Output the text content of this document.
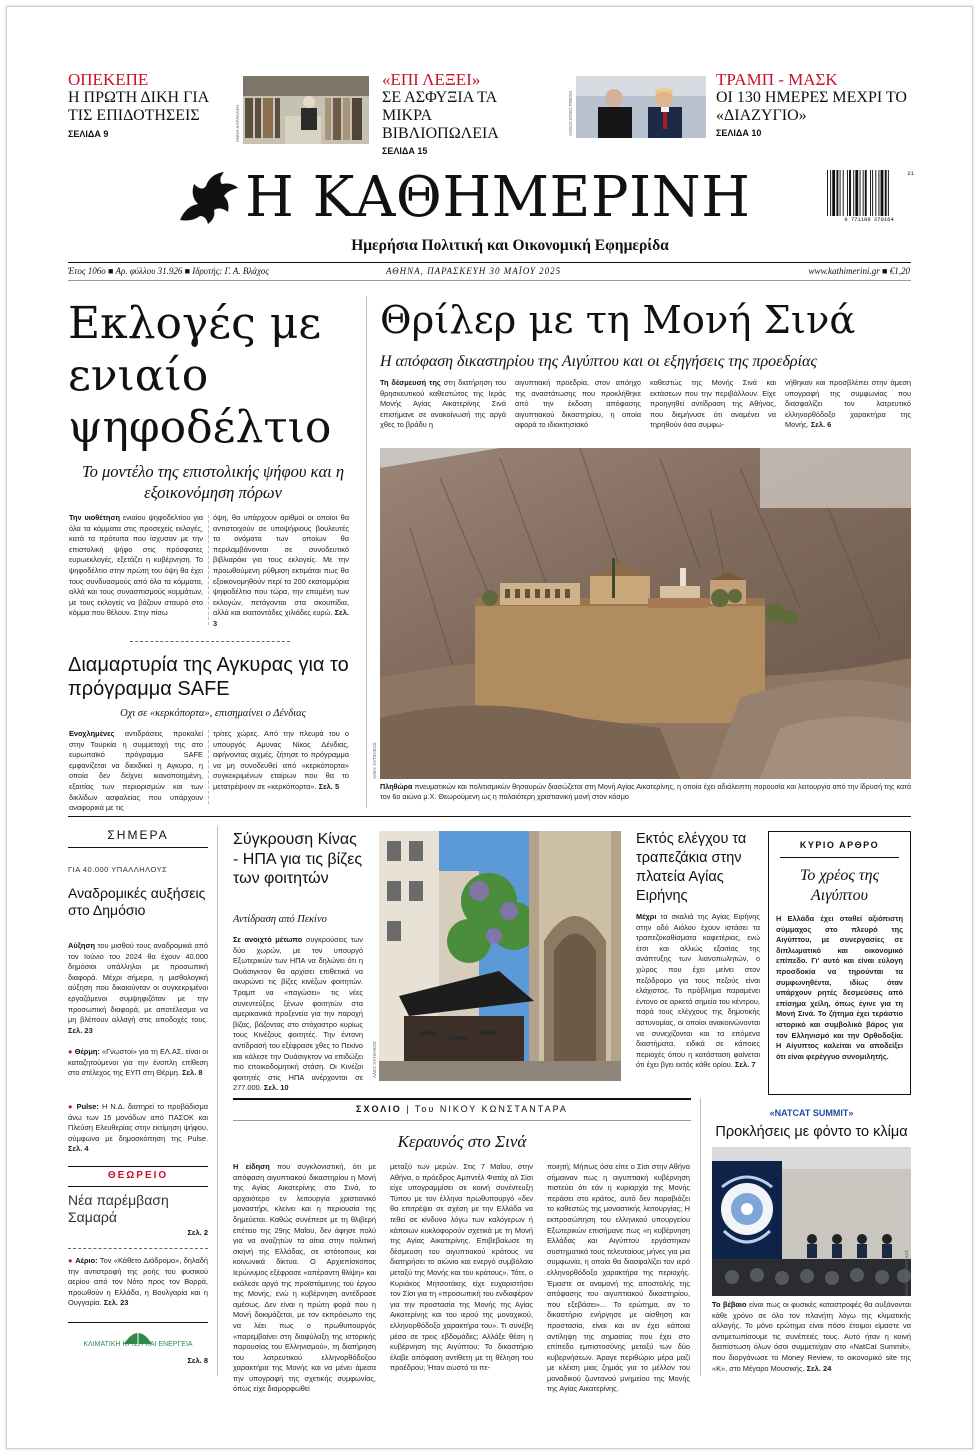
ΟΠΕΚΕΠΕ
Η ΠΡΩΤΗ ΔΙΚΗ ΓΙΑ ΤΙΣ ΕΠΙΔΟΤΗΣΕΙΣ
ΣΕΛΙΔΑ 9	ΑΝΝΑ ΚΑΡΑΚΑΣΗ
«ΕΠΙ ΛΕΞΕΙ»
ΣΕ ΑΣΦΥΞΙΑ ΤΑ ΜΙΚΡΑ ΒΙΒΛΙΟΠΩΛΕΙΑ
ΣΕΛΙΔΑ 15
ASSOCIATED PRESS
ΤΡΑΜΠ - ΜΑΣΚ
ΟΙ 130 ΗΜΕΡΕΣ ΜΕΧΡΙ ΤΟ «ΔΙΑΖΥΓΙΟ»
ΣΕΛΙΔΑ 10
Η ΚΑΘΗΜΕΡΙΝΗ
Ημερήσια Πολιτική και Οικονομική Εφημερίδα
9 771108 270164
21
Έτος 106ο ■ Αρ. φύλλου 31.926 ■ Ιδρυτής: Γ. Α. Βλάχος	ΑΘΗΝΑ, ΠΑΡΑΣΚΕΥΗ 30 ΜΑΪΟΥ 2025	www.kathimerini.gr ■ €1,20
Εκλογές με ενιαίο ψηφοδέλτιο
Το μοντέλο της επιστολικής ψήφου και η εξοικονόμηση πόρων
Την υιοθέτηση ενιαίου ψηφοδελτίου για όλα τα κόμματα στις προσεχείς εκλογές, κατά τα πρότυπα που ίσχυσαν με την επιστολική ψήφο στις πρόσφατες ευρωεκλογές, εξετάζει η κυβέρνηση. Το ψηφοδέλτιο στην πρώτη του όψη θα έχει τους συνδυασμούς από όλα τα κόμματα, αλλά και τους συνασπισμούς κομμάτων, με τους εκλογείς να βάζουν σταυρό στο κόμμα που θέλουν. Στην πίσω
όψη, θα υπάρχουν αριθμοί οι οποίοι θα αντιστοιχούν σε υποψήφιους βουλευτές τα ονόματα των οποίων θα περιλαμβάνονται σε συνοδευτικό βιβλιαράκι για τους εκλογείς. Με την προωθούμενη ρύθμιση εκτιμάται πως θα εξοικονομηθούν περί τα 200 εκατομμύρια ψηφοδέλτια που τώρα, την επομένη των εκλογών, πετάγονται στα σκουπίδια, αλλά και εκατοντάδες χιλιάδες ευρώ. Σελ. 3
Διαμαρτυρία της Αγκυρας για το πρόγραμμα SAFE
Οχι σε «κερκόπορτα», επισημαίνει ο Δένδιας
Ενοχλημένες αντιδράσεις προκαλεί στην Τουρκία η συμμετοχή της στο ευρωπαϊκό πρόγραμμα SAFE εμφανίζεται να διεκδικεί η Αγκυρα, η οποία δεν δείχνει ικανοποιημένη, εξαιτίας των περιορισμών και των δικλίδων ασφαλείας που υπάρχουν αναφορικά με τις
τρίτες χώρες. Από την πλευρά του ο υπουργός Αμυνας Νίκος Δένδιας, αφήνοντας αιχμές, ζήτησε το πρόγραμμα να μη συνοδευθεί από «κερκόπορτα» συγκεκριμένων εταίρων που θα το μετατρέψουν σε «κερκόπορτα». Σελ. 5
Θρίλερ με τη Μονή Σινά
Η απόφαση δικαστηρίου της Αιγύπτου και οι εξηγήσεις της προεδρίας
Τη δέσμευσή της στη διατήρηση του θρησκευτικού καθεστώτος της Ιεράς Μονής Αγίας Αικατερίνης Σινά επισήμανε σε ανακοίνωσή της αργά χθες το βράδυ η
αιγυπτιακή προεδρία, στον απόηχο της αναστάτωσης που προκλήθηκε από την έκδοση απόφασης αιγυπτιακού δικαστηρίου, η οποία αφορά το ιδιοκτησιακό
καθεστώς της Μονής Σινά και εκτάσεων που την περιβάλλουν. Είχε προηγηθεί αντίδραση της Αθήνας, που διεμήνυσε ότι αναμένει να τηρηθούν όσα συμφω-
νήθηκαν και προσβλέπει στην άμεση υπογραφή της συμφωνίας που διασφαλίζει τον λατρευτικό ελληνορθόδοξο χαρακτήρα της Μονής. Σελ. 6
ΑΛΕΞ ΧΑΤΖΗΚΟΣ
Πληθώρα πνευματικών και πολιτισμικών θησαυρών διασώζεται στη Μονή Αγίας Αικατερίνης, η οποία έχει αδιάλειπτη παρουσία και λειτουργία από την ίδρυσή της κατά τον 6ο αιώνα μ.Χ. Θεωρούμενη ως η παλαιότερη χριστιανική μονή στον κόσμο
ΣΗΜΕΡΑ
ΓΙΑ 40.000 ΥΠΑΛΛΗΛΟΥΣ
Αναδρομικές αυξήσεις στο Δημόσιο
Αύξηση του μισθού τους αναδρομικά από τον Ιούνιο του 2024 θα έχουν 40.000 δημόσιοι υπάλληλοι με προσωπική διαφορά. Μέχρι σήμερα, η μισθολογική αύξηση που δικαιούνταν οι συγκεκριμένοι εργαζόμενοι συμψηφιζόταν με την προσωπική διαφορά, με αποτέλεσμα να μη βλέπουν αλλαγή στις αποδοχές τους. Σελ. 23
● Θέρμη: «Γνωστοί» για τη ΕΛ.ΑΣ. είναι οι καταζητούμενοι για την ένοπλη επίθεση στο στέλεχος της ΕΥΠ στη Θέρμη. Σελ. 8
● Pulse: Η Ν.Δ. διατηρεί το προβάδισμα άνω των 15 μονάδων από ΠΑΣΟΚ και Πλεύση Ελευθερίας στην εκτίμηση ψήφου, σύμφωνα με δημοσκόπηση της Pulse. Σελ. 4
ΘΕΩΡΕΙΟ
Νέα παρέμβαση Σαμαρά
Σελ. 2
● Αέριο: Τον «Κάθετο Διάδρομο», δηλαδή την αντιστροφή της ροής του φυσικού αερίου από τον Νότο προς τον Βορρά, προωθούν η Ελλάδα, η Βουλγαρία και η Ουγγαρία. Σελ. 23
ΚΛΙΜΑΤΙΚΗ ΚΡΙΣΗ ΚΑΙ ΕΝΕΡΓΕΙΑ
Σελ. 8
Σύγκρουση Κίνας - ΗΠΑ για τις βίζες των φοιτητών
Αντίδραση από Πεκίνο
Σε ανοιχτό μέτωπο συγκρούσεις των δύο χωρών, με τον υπουργό Εξωτερικών των ΗΠΑ να δηλώνει ότι η Ουάσιγκτον θα αρχίσει επιθετικά να ακυρώνει τις βίζες κινέζων φοιτητών. Τραμπ να «παγώσει» τις νέες συνεντεύξεις ξένων φοιτητών στα αμερικανικά προξενεία για την παροχή βίζας, βάζοντας στο στόχαστρο κυρίως τους Κινέζους φοιτητές. Την έντονη αντίδρασή του εξέφρασε χθες το Πεκίνο και κάλεσε την Ουάσιγκτον να επιδώξει πιο εποικοδομητική στάση. Οι Κινέζοι φοιτητές στις ΗΠΑ ανέρχονται σε 277.000. Σελ. 10
ΑΛΕΞ ΧΑΤΖΗΚΟΣ
Εκτός ελέγχου τα τραπεζάκια στην πλατεία Αγίας Ειρήνης
Μέχρι τα σκαλιά της Αγίας Ειρήνης στην οδό Αιόλου έχουν ιστάσει τα τραπεζοκαθίσματα καφετέριας, ενώ έτσι και αλλιώς εξαιτίας της ανάπτυξης των λιανοπωλητών, ο χώρος που έχει μείνει στον πεζόδρομο για τους πεζούς είναι ελάχιστος. Το πρόβλημα παραμένει έντονο σε αρκετά σημεία του κέντρου, παρά τους ελέγχους της δημοτικής αστυνομίας, οι οποίοι ανακοινώνονται να συνεχίζονται και τα επόμενα διαστήματα, ειδικά σε κάποιες περιοχές όπου η κατάσταση φαίνεται ότι έχει βγει εκτός κάθε ορίου. Σελ. 7
ΚΥΡΙΟ ΑΡΘΡΟ
Το χρέος της Αιγύπτου
Η Ελλάδα έχει σταθεί αξιόπιστη σύμμαχος στο πλευρό της Αιγύπτου, με συνεργασίες σε διπλωματικό και οικονομικό επίπεδο. Γι' αυτό και είναι εύλογη προσδοκία να τηρούνται τα συμφωνηθέντα, ιδίως όταν υπάρχουν ρητές δεσμεύσεις από επίσημα χείλη, όπως έγινε για τη Μονή Σινά. Το ζήτημα έχει τεράστιο ιστορικό και συμβολικό βάρος για τον Ελληνισμό και την Ορθοδοξία. Η Αίγυπτος καλείται να αποδείξει ότι είναι φερέγγυο συνομιλητής.
ΣΧΟΛΙΟ | Του ΝΙΚΟΥ ΚΩΝΣΤΑΝΤΑΡΑ
Κεραυνός στο Σινά
Η είδηση που συγκλονιστική, ότι με απόφαση αιγυπτιακού δικαστηρίου η Μονή της Αγίας Αικατερίνης στο Σινά, το αρχαιότερο εν λειτουργία χριστιανικό μοναστήρι, κλείνει και η περιουσία της δημεύεται. Καθώς συνέπεσε με τη θλιβερή επέτειο της 29ης Μαΐου, δεν άφησε πολύ για να αναζητών τα αίτια στην πολιτική σκηνή της Ελλάδας, σε ιστότοπους και κοινωνικά δίκτυα. Ο Αρχιεπίσκοπος Ιερώνυμος εξέφρασε «απέραντη θλίψη» και εκάλεσε αργά της προϊστάμενης του έργου της Μονής, ενώ η κυβέρνηση αντέδρασε αμέσως. Δεν είναι η πρώτη φορά που η Μονή δοκιμάζεται, με τον εκπρόσωπο της να λέει πως ο πρωθυπουργός «παρεμβαίνει στη διαφύλαξη της ιστορικής παρουσίας του Ελληνισμού», τη διατήρηση του λατρευτικού ελληνορθόδοξου χαρακτήρα της Μονής και να μένει άμεσα την υπογραφή της σχετικής συμφωνίας, όπως είχε διαμορφωθεί
μεταξύ των μερών. Στις 7 Μαΐου, στην Αθήνα, ο πρόεδρος Αμπντέλ Φατάχ αλ Σίσι είχε υπογραμμίσει σε κοινή συνέντευξη Τύπου με τον έλληνα πρωθυπουργό «δεν θα επιτρέψει σε σχέση με την Ελλάδα να τεθεί σε κίνδυνο λόγω των καλόγερων ή κάποιων κυκλοφορούν σχετικά με τη Μονή της Αγίας Αικατερίνης. Επιβεβαίωσε τη δέσμευση του αιγυπτιακού κράτους να διατηρήσει το αιώνιο και ενεργό συμβόλαιο μεταξύ της Μονής και του κράτους». Τότε, ο Κυριάκος Μητσοτάκης είχε ευχαριστήσει τον Σίσι για τη «προσωπική του ενδιαφέρον για την προστασία της Μονής της Αγίας Αικατερίνης και του ιερού της μοναχικού, ελληνορθόδοξο χαρακτήρα του». Τι συνέβη μέσα σε τρεις εβδομάδες; Αλλάξε θέση η κυβέρνηση της Αιγύπτου; Το δικαστήριο έλαβε απόφαση αντίθετη με τη θέληση του προέδρου; Ήταν σωστό το πε-
ποιητή; Μήπως όσα είπε ο Σίσι στην Αθήνα σήμαιναν πως η αιγυπτιακή κυβέρνηση πιστεύει ότι εάν η κυριαρχία της Μονής περάσει στο κράτος, αυτό δεν παραβιάζει το καθεστώς της μοναστικής λειτουργίας; Η εκπροσώπηση του ελληνικού υπουργείου Εξωτερικών επισήμανε πως «η κυβέρνηση Ελλάδας και Αιγύπτου εργάστηκαν συστηματικά τους τελευταίους μήνες για μια συμφωνία, η οποία θα διασφαλίζει τον ιερό ελληνορθόδοξο χαρακτήρα της περιοχής. Έμαστε σε αναμονή της αποστολής της απόφασης του αιγυπτιακού δικαστηρίου, που εξεβάσει»... Το ερώτημα, αν το δικαστήριο ενήργησε με αίσθηση και προστασία, είναι και αν έχει κάποια αντίληψη της σημασίας που έχει στο επίπεδο εμπιστοσύνης μεταξύ των δύο κυβερνήσεων. Άραγε περιθώριο μέρα μαζί με κλέιση μιας ζημιάς για το μέλλον του μοναδικού ζωντανού μνημείου της Μονής της Αγίας Αικατερίνης.
«NATCAT SUMMIT»
Προκλήσεις με φόντο το κλίμα
ΝΙΚΟΣ ΚΑΡΑΝΙΚΟΛΑΣ
Το βέβαιο είναι πως οι φυσικές καταστροφές θα αυξάνονται κάθε χρόνο σε όλο τον πλανήτη λόγω της κλιματικής αλλαγής. Το μόνο ερώτημα είναι πόσο έτοιμοι είμαστε να αντιμετωπίσουμε τις συνέπειές τους. Αυτό ήταν η κοινή διαπίστωση όλων όσοι συμμετείχαν στο «NatCat Summit», που διοργάνωσε το Money Review, το οικονομικό site της «Κ», στο Μέγαρο Μουσικής. Σελ. 24
